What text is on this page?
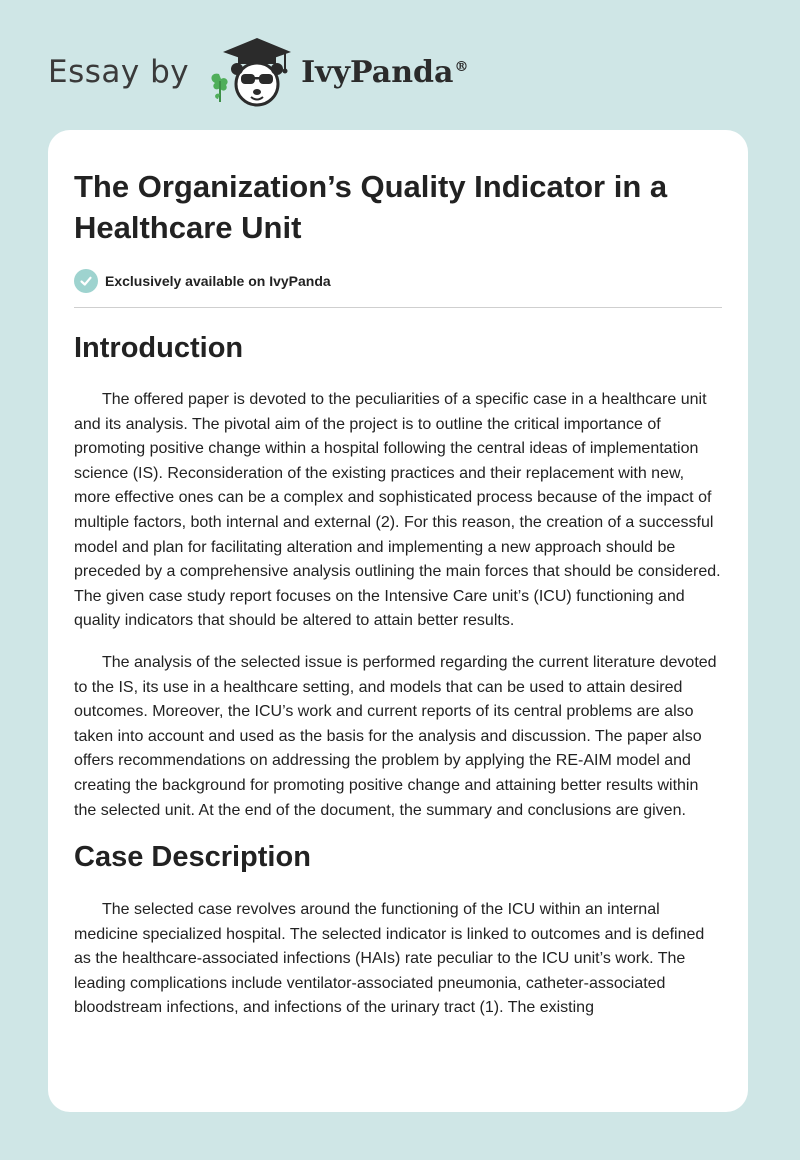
Essay by	IvyPanda®
The Organization’s Quality Indicator in a Healthcare Unit
Exclusively available on IvyPanda
Introduction

The offered paper is devoted to the peculiarities of a specific case in a healthcare unit and its analysis. The pivotal aim of the project is to outline the critical importance of promoting positive change within a hospital following the central ideas of implementation science (IS). Reconsideration of the existing practices and their replacement with new, more effective ones can be a complex and sophisticated process because of the impact of multiple factors, both internal and external (2). For this reason, the creation of a successful model and plan for facilitating alteration and implementing a new approach should be preceded by a comprehensive analysis outlining the main forces that should be considered. The given case study report focuses on the Intensive Care unit’s (ICU) functioning and quality indicators that should be altered to attain better results.

The analysis of the selected issue is performed regarding the current literature devoted to the IS, its use in a healthcare setting, and models that can be used to attain desired outcomes. Moreover, the ICU’s work and current reports of its central problems are also taken into account and used as the basis for the analysis and discussion. The paper also offers recommendations on addressing the problem by applying the RE-AIM model and creating the background for promoting positive change and attaining better results within the selected unit. At the end of the document, the summary and conclusions are given.

Case Description

The selected case revolves around the functioning of the ICU within an internal medicine specialized hospital. The selected indicator is linked to outcomes and is defined as the healthcare-associated infections (HAIs) rate peculiar to the ICU unit’s work. The leading complications include ventilator-associated pneumonia, catheter-associated bloodstream infections, and infections of the urinary tract (1). The existing
